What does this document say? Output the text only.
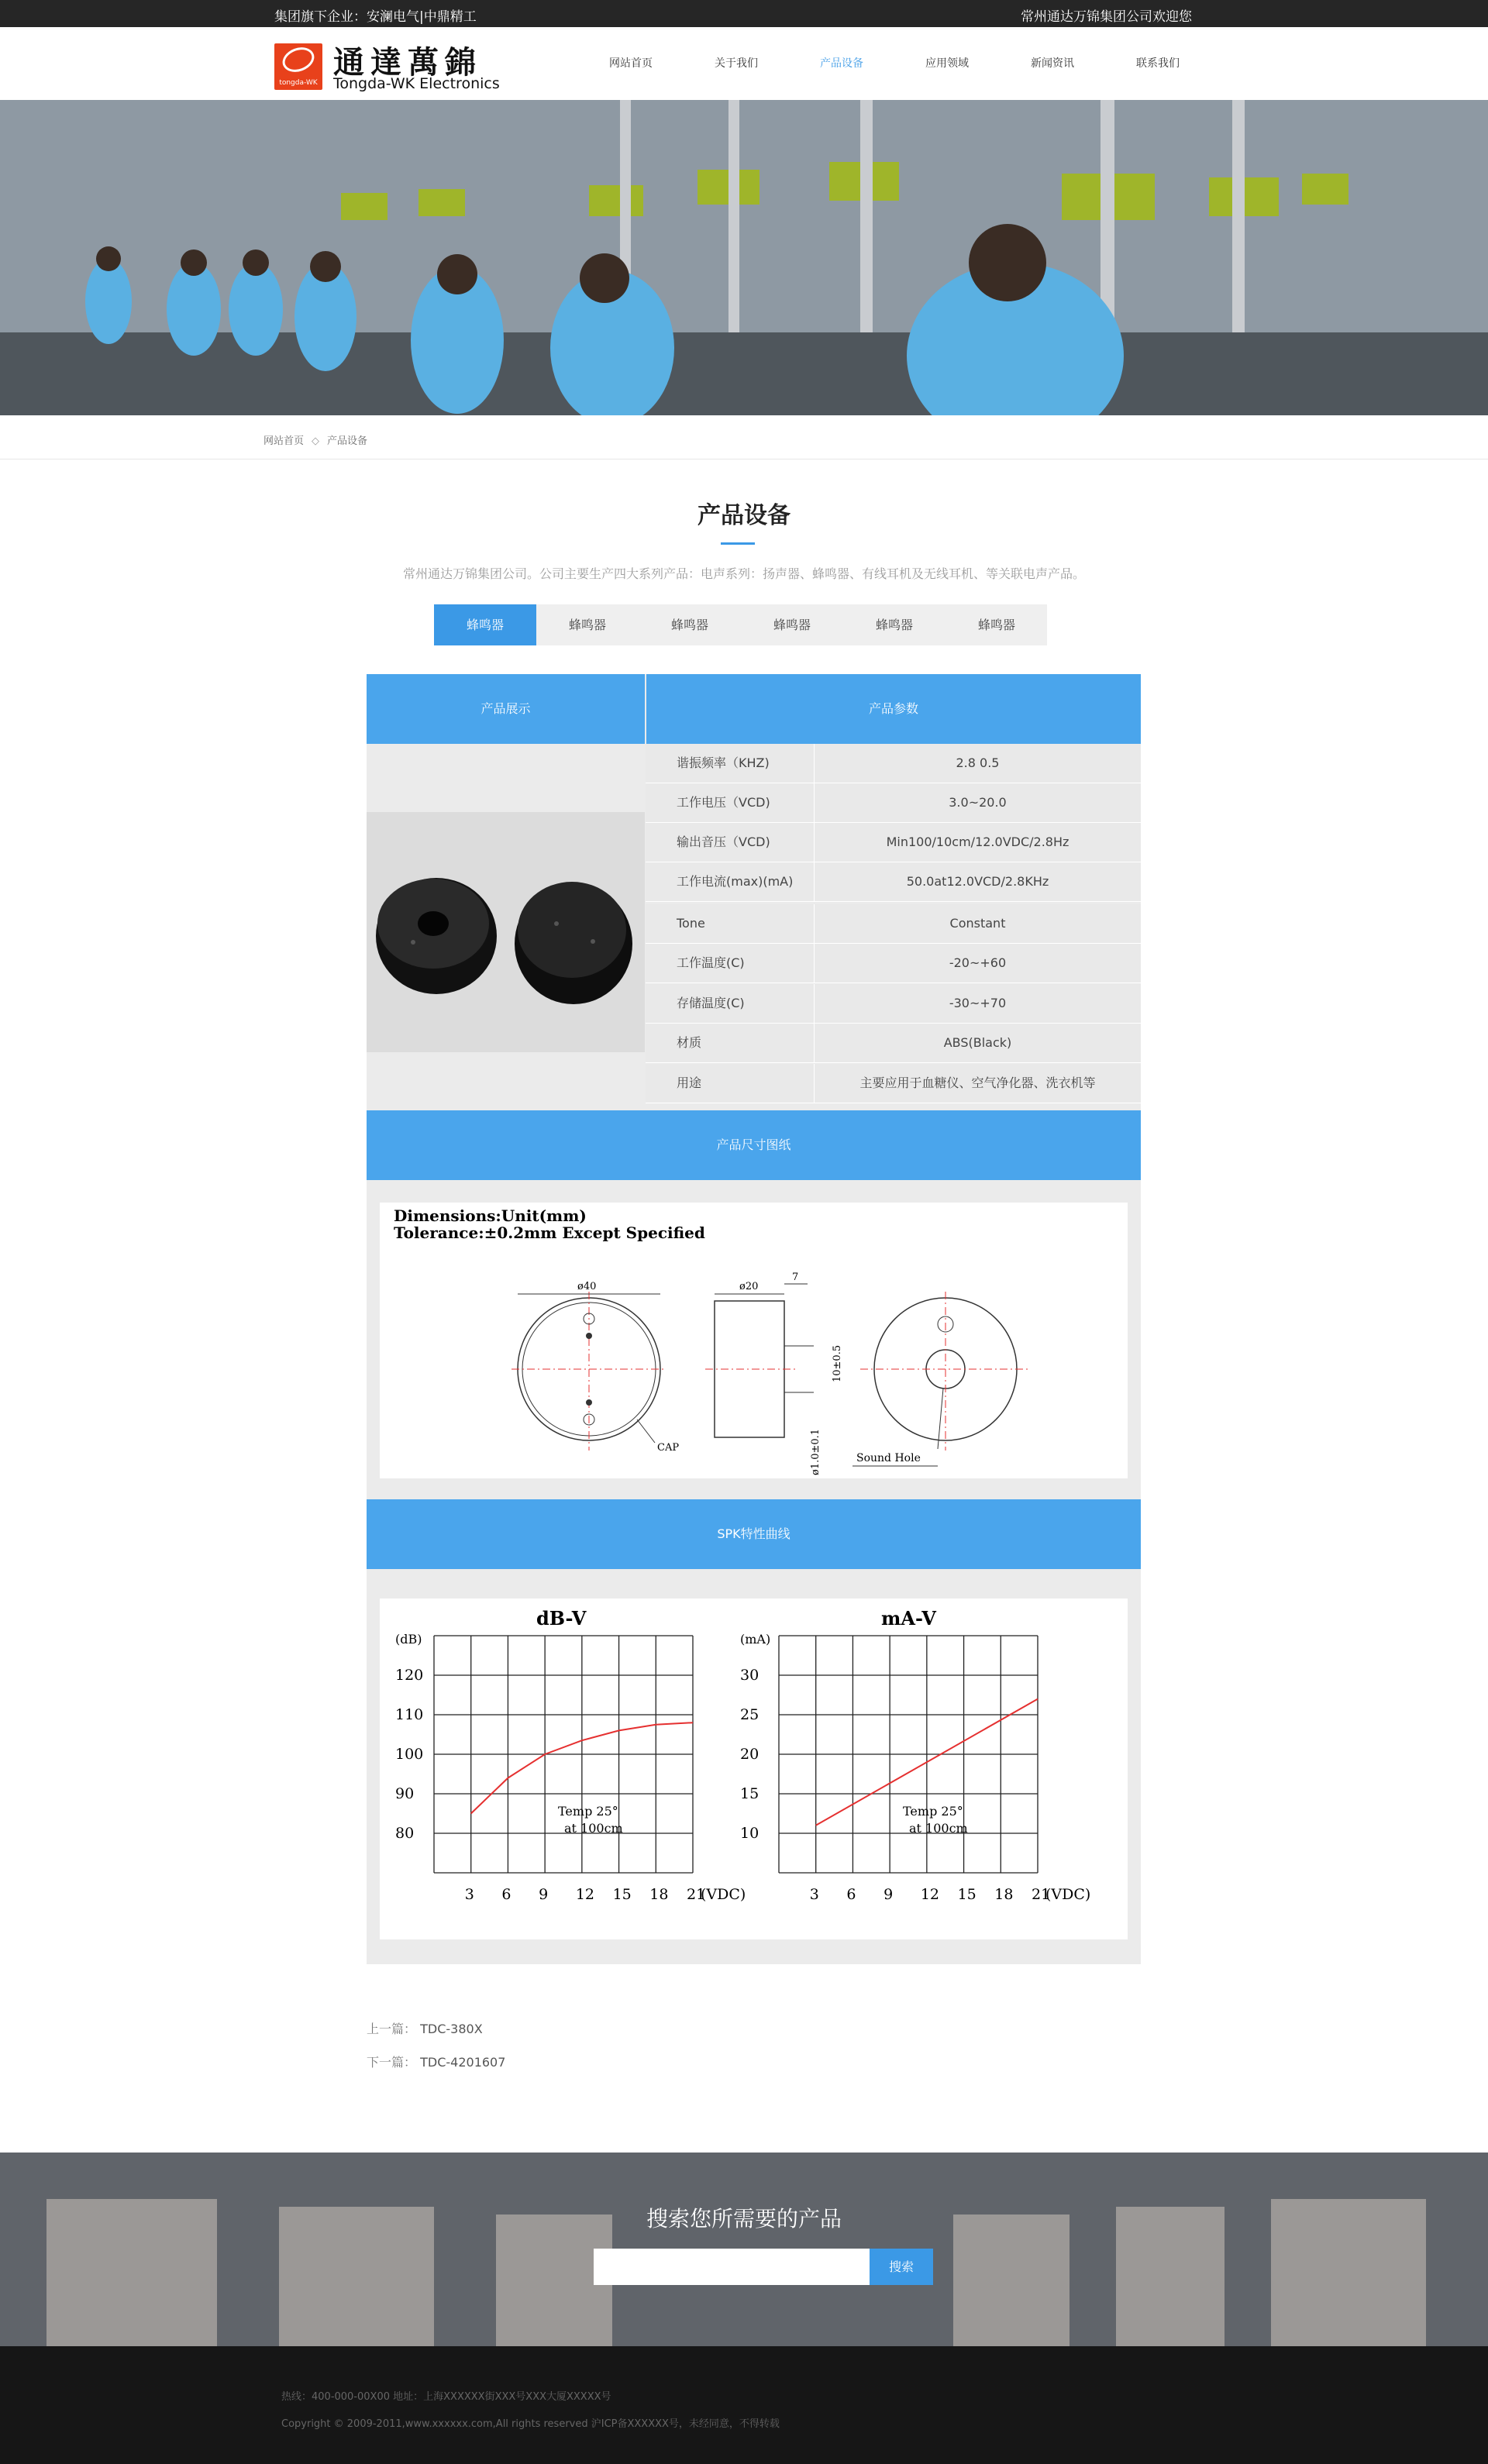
集团旗下企业：安澜电气|中鼎精工	常州通达万锦集团公司欢迎您
tongda-WK
通達萬錦
Tongda-WK Electronics
网站首页	关于我们	产品设备	应用领域	新闻资讯	联系我们
网站首页 ◇ 产品设备
产品设备
常州通达万锦集团公司。公司主要生产四大系列产品：电声系列：扬声器、蜂鸣器、有线耳机及无线耳机、等关联电声产品。
蜂鸣器	蜂鸣器	蜂鸣器	蜂鸣器	蜂鸣器	蜂鸣器
产品展示	产品参数
谐振频率（KHZ)	2.8 0.5
工作电压（VCD)	3.0~20.0
输出音压（VCD)	Min100/10cm/12.0VDC/2.8Hz
工作电流(max)(mA)	50.0at12.0VCD/2.8KHz
Tone	Constant
工作温度(C)	-20~+60
存储温度(C)	-30~+70
材质	ABS(Black)
用途	主要应用于血糖仪、空气净化器、洗衣机等
产品尺寸图纸
Dimensions:Unit(mm)
Tolerance:±0.2mm Except Specified
ø40
CAP
ø20
7
10±0.5
ø1.0±0.1	Sound Hole
SPK特性曲线
dB-V
(dB)
80
90
100
110
120
3 6 9 12 15 18 21
(VDC)
Temp 25°
at 100cm
mA-V
(mA)
10
15
20
25
30
3 6 9 12 15 18 21
(VDC)
Temp 25°
at 100cm
上一篇： TDC-380X
下一篇： TDC-4201607
搜索您所需要的产品
搜索
热线：400-000-00X00 地址：上海XXXXXX街XXX号XXX大厦XXXXX号
Copyright © 2009-2011,www.xxxxxx.com,All rights reserved 沪ICP备XXXXXX号，未经同意，不得转载
